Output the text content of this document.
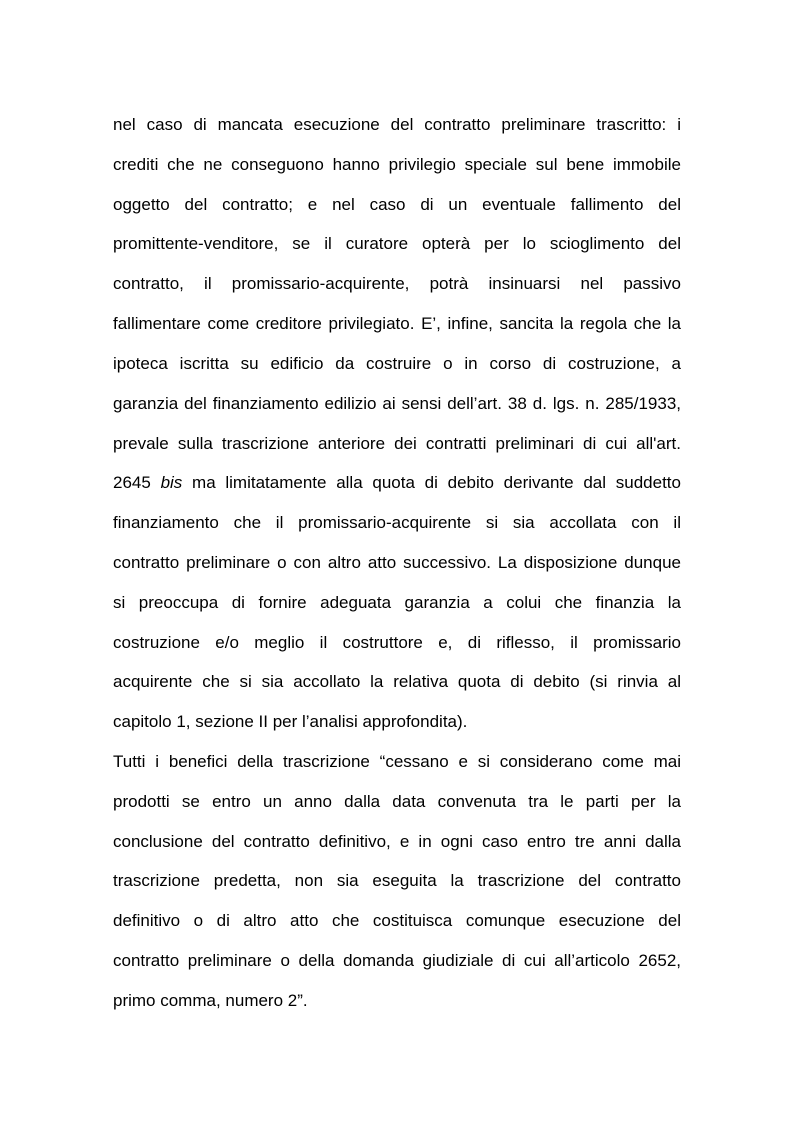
nel caso di mancata esecuzione del contratto preliminare trascritto: i
crediti che ne conseguono hanno privilegio speciale sul bene immobile
oggetto del contratto; e nel caso di un eventuale fallimento del
promittente-venditore, se il curatore opterà per lo scioglimento del
contratto, il promissario-acquirente, potrà insinuarsi nel passivo
fallimentare come creditore privilegiato. E’, infine, sancita la regola che la
ipoteca iscritta su edificio da costruire o in corso di costruzione, a
garanzia del finanziamento edilizio ai sensi dell’art. 38 d. lgs. n. 285/1933,
prevale sulla trascrizione anteriore dei contratti preliminari di cui all'art.
2645 bis ma limitatamente alla quota di debito derivante dal suddetto
finanziamento che il promissario-acquirente si sia accollata con il
contratto preliminare o con altro atto successivo. La disposizione dunque
si preoccupa di fornire adeguata garanzia a colui che finanzia la
costruzione e/o meglio il costruttore e, di riflesso, il promissario
acquirente che si sia accollato la relativa quota di debito (si rinvia al
capitolo 1, sezione II per l’analisi approfondita).
Tutti i benefici della trascrizione “cessano e si considerano come mai
prodotti se entro un anno dalla data convenuta tra le parti per la
conclusione del contratto definitivo, e in ogni caso entro tre anni dalla
trascrizione predetta, non sia eseguita la trascrizione del contratto
definitivo o di altro atto che costituisca comunque esecuzione del
contratto preliminare o della domanda giudiziale di cui all’articolo 2652,
primo comma, numero 2”.
